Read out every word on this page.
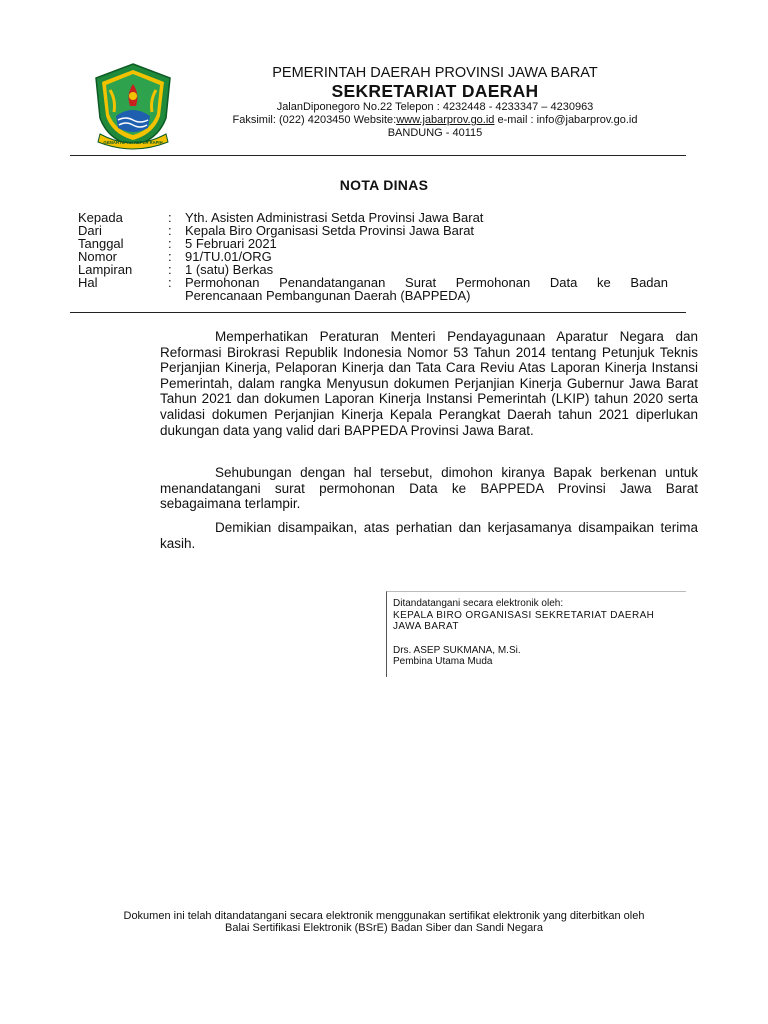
GEMAH RIPAH REPEH RAPIH
PEMERINTAH DAERAH PROVINSI JAWA BARAT
SEKRETARIAT DAERAH
JalanDiponegoro No.22 Telepon : 4232448 - 4233347 – 4230963
Faksimil: (022) 4203450 Website:www.jabarprov.go.id e-mail : info@jabarprov.go.id
BANDUNG - 40115
NOTA DINAS
Kepada	:	Yth. Asisten Administrasi Setda Provinsi Jawa Barat
Dari	:	Kepala Biro Organisasi Setda Provinsi Jawa Barat
Tanggal	:	5 Februari 2021
Nomor	:	91/TU.01/ORG
Lampiran	:	1 (satu) Berkas
Hal	:	Permohonan Penandatanganan Surat Permohonan Data ke Badan
Perencanaan Pembangunan Daerah (BAPPEDA)

Memperhatikan Peraturan Menteri Pendayagunaan Aparatur Negara dan Reformasi Birokrasi Republik Indonesia Nomor 53 Tahun 2014 tentang Petunjuk Teknis Perjanjian Kinerja, Pelaporan Kinerja dan Tata Cara Reviu Atas Laporan Kinerja Instansi Pemerintah, dalam rangka Menyusun dokumen Perjanjian Kinerja Gubernur Jawa Barat Tahun 2021 dan dokumen Laporan Kinerja Instansi Pemerintah (LKIP) tahun 2020 serta validasi dokumen Perjanjian Kinerja Kepala Perangkat Daerah tahun 2021 diperlukan dukungan data yang valid dari BAPPEDA Provinsi Jawa Barat.

Sehubungan dengan hal tersebut, dimohon kiranya Bapak berkenan untuk menandatangani surat permohonan Data ke BAPPEDA Provinsi Jawa Barat sebagaimana terlampir.

Demikian disampaikan, atas perhatian dan kerjasamanya disampaikan terima kasih.

Ditandatangani secara elektronik oleh:
KEPALA BIRO ORGANISASI SEKRETARIAT DAERAH
JAWA BARAT
Drs. ASEP SUKMANA, M.Si.
Pembina Utama Muda
Dokumen ini telah ditandatangani secara elektronik menggunakan sertifikat elektronik yang diterbitkan oleh
Balai Sertifikasi Elektronik (BSrE) Badan Siber dan Sandi Negara
